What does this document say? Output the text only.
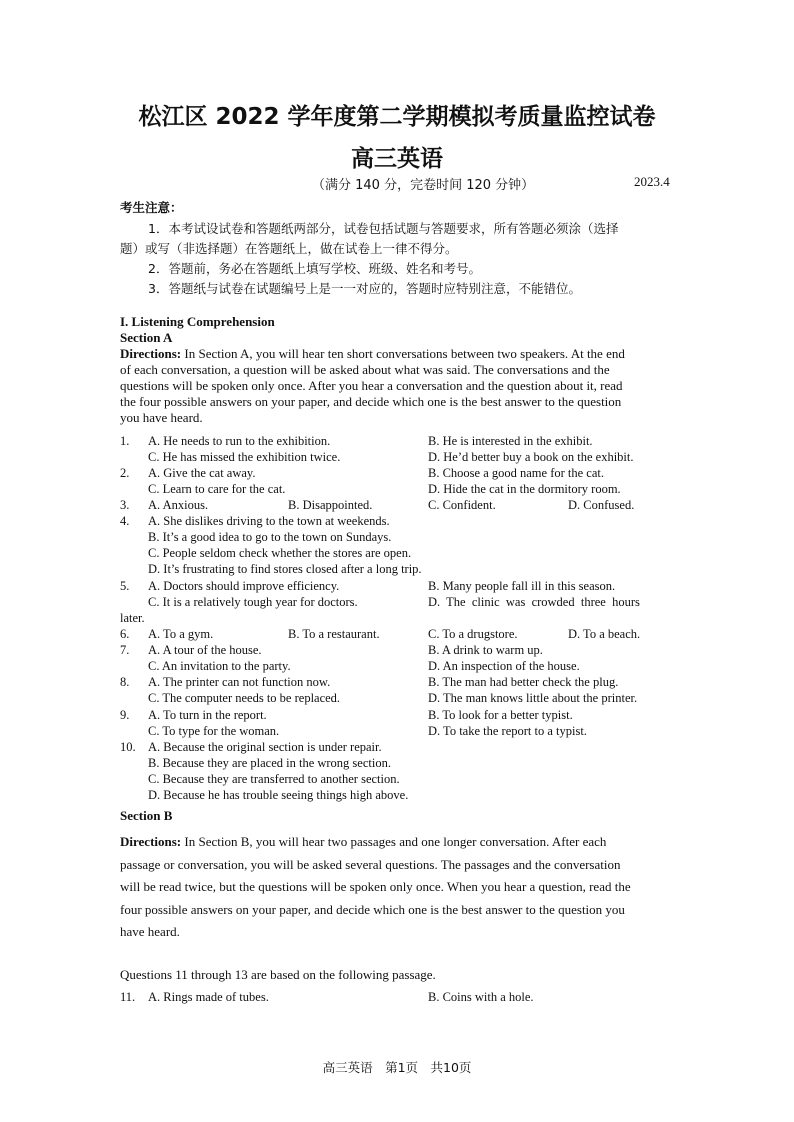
松江区 2022 学年度第二学期模拟考质量监控试卷
高三英语
（满分 140 分，完卷时间 120 分钟）	2023.4
考生注意：
1．本考试设试卷和答题纸两部分，试卷包括试题与答题要求，所有答题必须涂（选择
题）或写（非选择题）在答题纸上，做在试卷上一律不得分。
2．答题前，务必在答题纸上填写学校、班级、姓名和考号。
3．答题纸与试卷在试题编号上是一一对应的，答题时应特别注意，不能错位。
I. Listening Comprehension
Section A
Directions: In Section A, you will hear ten short conversations between two speakers. At the end
of each conversation, a question will be asked about what was said. The conversations and the
questions will be spoken only once. After you hear a conversation and the question about it, read
the four possible answers on your paper, and decide which one is the best answer to the question
you have heard.
1. A. He needs to run to the exhibition.	B. He is interested in the exhibit.
C. He has missed the exhibition twice.	D. He’d better buy a book on the exhibit.
2. A. Give the cat away.	B. Choose a good name for the cat.
C. Learn to care for the cat.	D. Hide the cat in the dormitory room.
3. A. Anxious.	B. Disappointed.	C. Confident.	D. Confused.
4. A. She dislikes driving to the town at weekends.
B. It’s a good idea to go to the town on Sundays.
C. People seldom check whether the stores are open.
D. It’s frustrating to find stores closed after a long trip.
5. A. Doctors should improve efficiency.	B. Many people fall ill in this season.
C. It is a relatively tough year for doctors.	D.  The  clinic  was  crowded  three  hours
later.
6. A. To a gym.	B. To a restaurant.	C. To a drugstore.	D. To a beach.
7. A. A tour of the house.	B. A drink to warm up.
C. An invitation to the party.	D. An inspection of the house.
8. A. The printer can not function now.	B. The man had better check the plug.
C. The computer needs to be replaced.	D. The man knows little about the printer.
9. A. To turn in the report.	B. To look for a better typist.
C. To type for the woman.	D. To take the report to a typist.
10. A. Because the original section is under repair.
B. Because they are placed in the wrong section.
C. Because they are transferred to another section.
D. Because he has trouble seeing things high above.
Section B
Directions: In Section B, you will hear two passages and one longer conversation. After each
passage or conversation, you will be asked several questions. The passages and the conversation
will be read twice, but the questions will be spoken only once. When you hear a question, read the
four possible answers on your paper, and decide which one is the best answer to the question you
have heard.
Questions 11 through 13 are based on the following passage.
11. A. Rings made of tubes.	B. Coins with a hole.
高三英语　第1页　共10页
